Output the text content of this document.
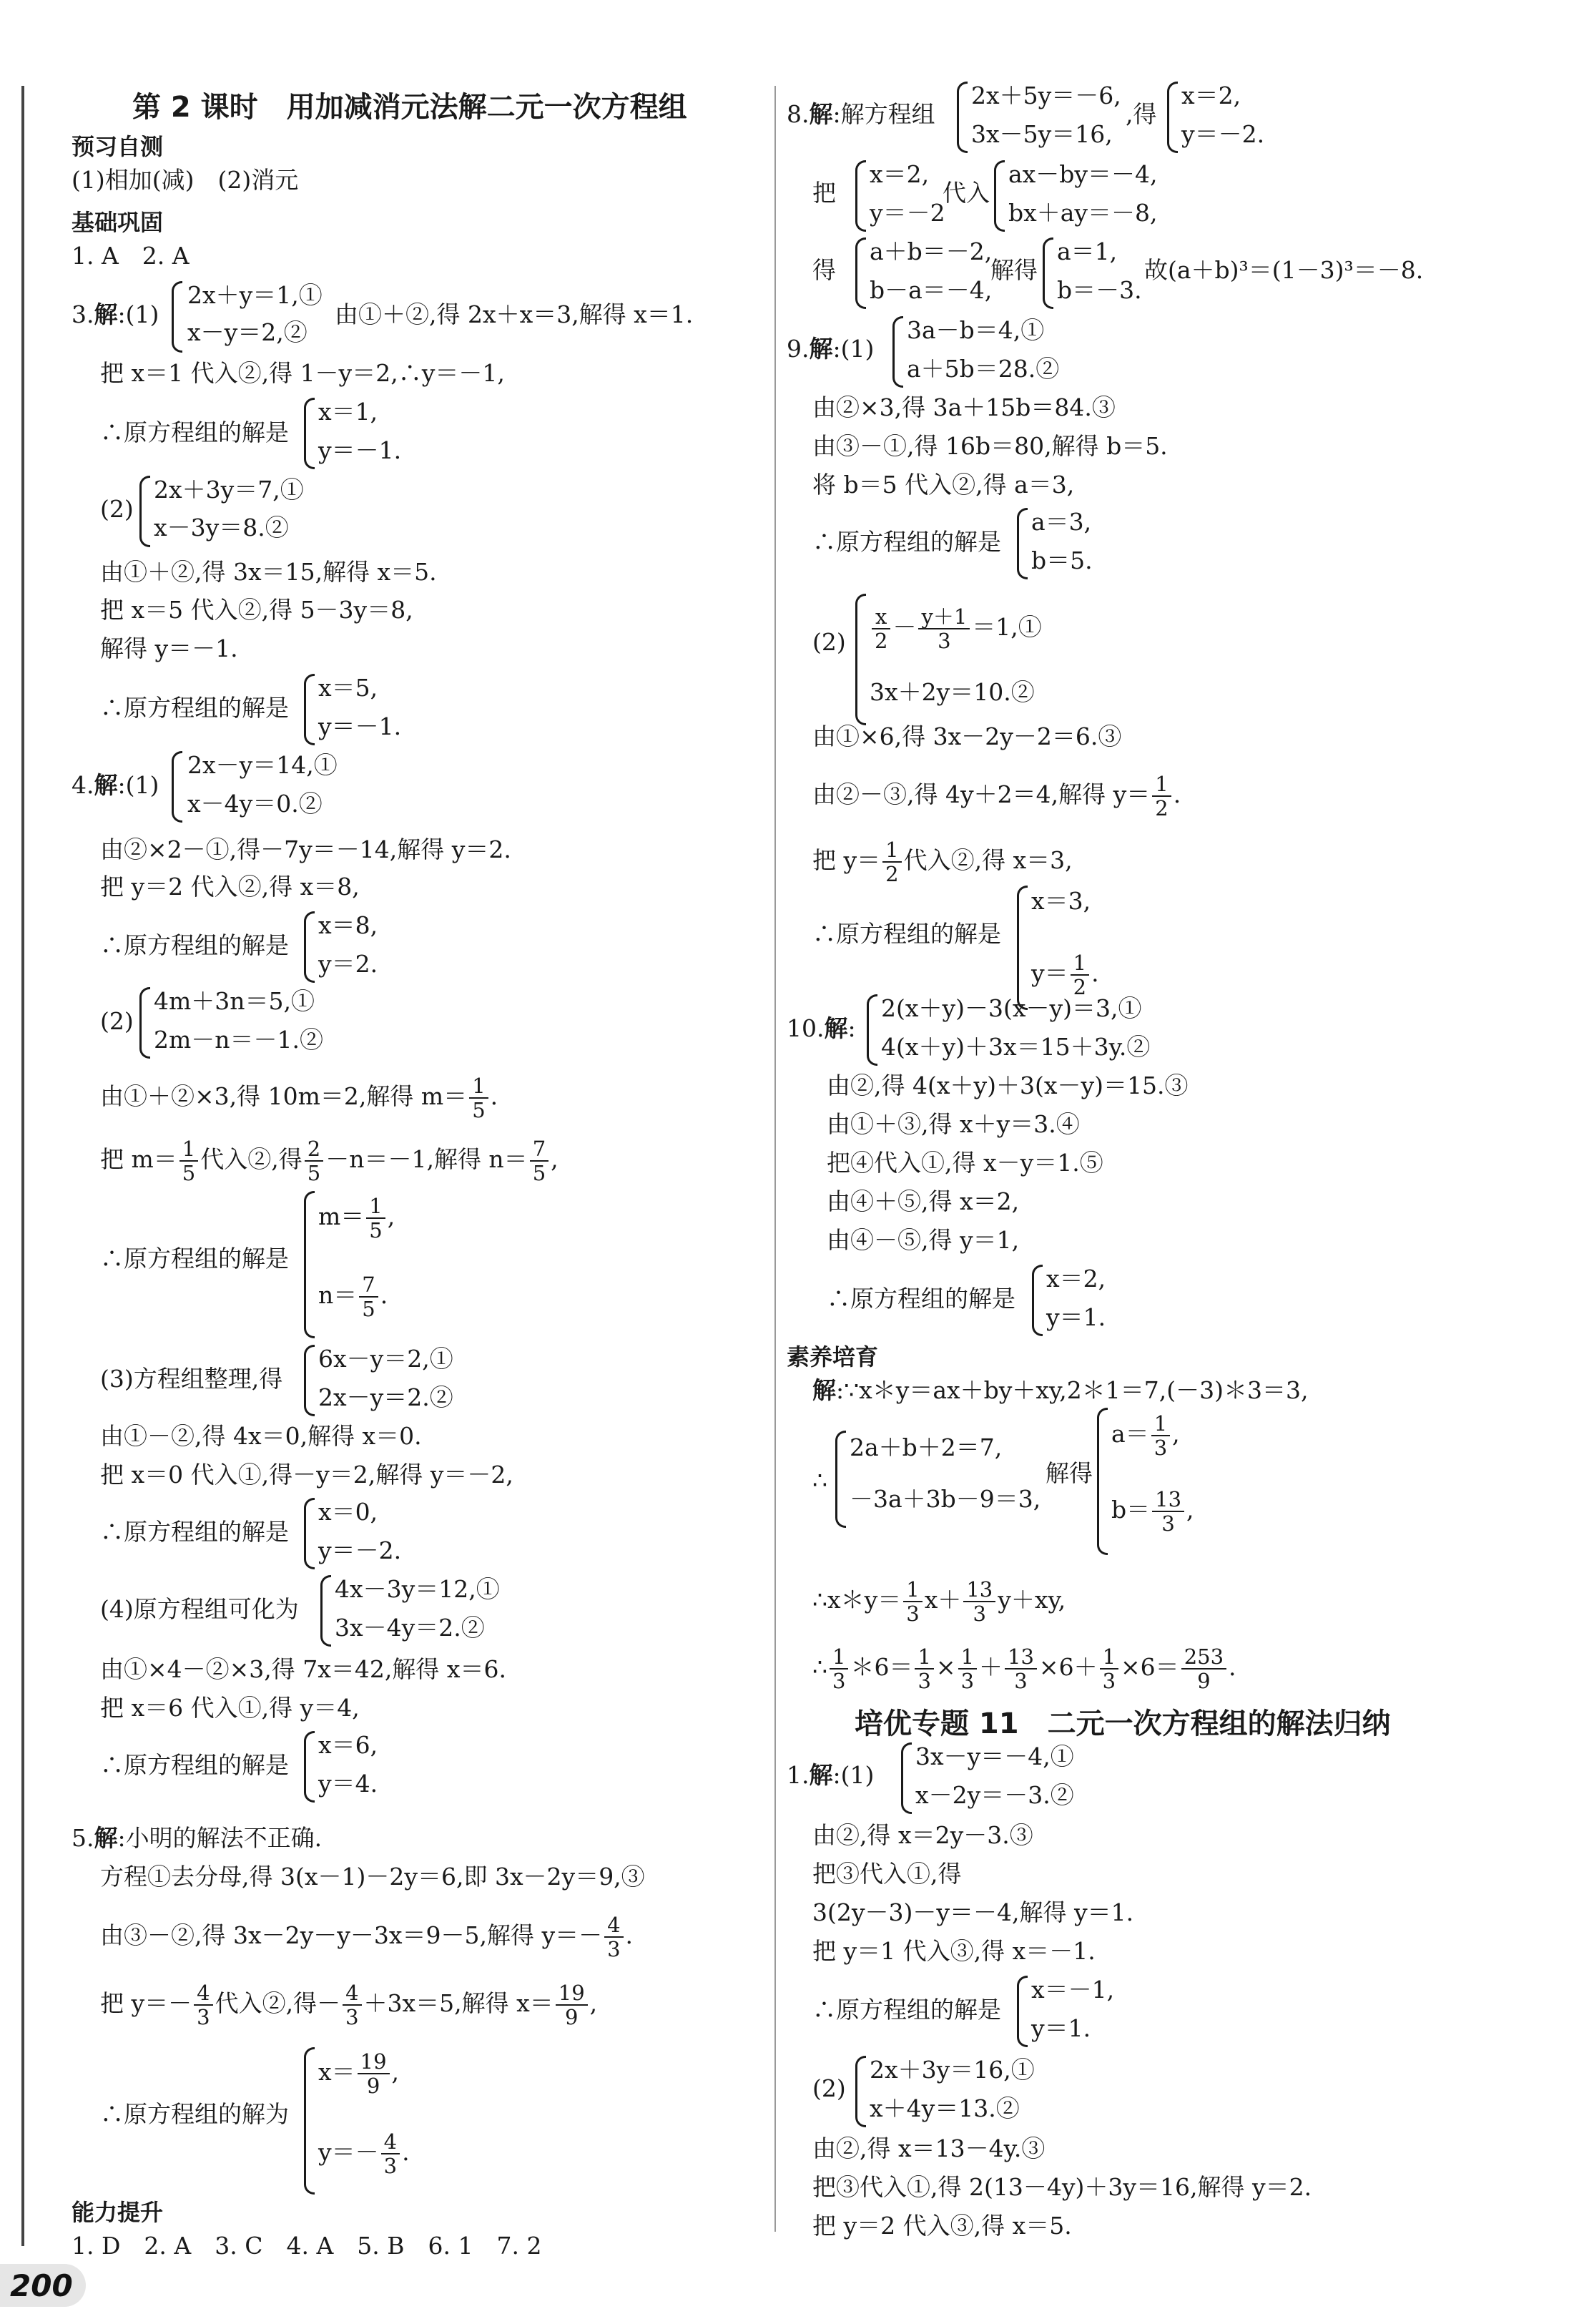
第 2 课时　用加减消元法解二元一次方程组
预习自测
(1)相加(减)　(2)消元
基础巩固
1. A　2. A
3.解:(1)
2x＋y＝1,①
x－y＝2,②
由①＋②,得 2x＋x＝3,解得 x＝1.
把 x＝1 代入②,得 1－y＝2,∴y＝－1,
∴原方程组的解是
x＝1,
y＝－1.
(2)
2x＋3y＝7,①
x－3y＝8.②
由①＋②,得 3x＝15,解得 x＝5.
把 x＝5 代入②,得 5－3y＝8,
解得 y＝－1.
∴原方程组的解是
x＝5,
y＝－1.
4.解:(1)
2x－y＝14,①
x－4y＝0.②
由②×2－①,得－7y＝－14,解得 y＝2.
把 y＝2 代入②,得 x＝8,
∴原方程组的解是
x＝8,
y＝2.
(2)
4m＋3n＝5,①
2m－n＝－1.②
由①＋②×3,得 10m＝2,解得 $m= \frac{1}{5}$ .
把 $m= \frac{1}{5}$ 代入②,得 $\frac{2}{5} -n=-1$,解得 $n= \frac{7}{5}$ ,
∴原方程组的解是
$m= \frac{1}{5}$ ,
$n= \frac{7}{5}$ .
(3)方程组整理,得
6x－y＝2,①
2x－y＝2.②
由①－②,得 4x＝0,解得 x＝0.
把 x＝0 代入①,得－y＝2,解得 y＝－2,
∴原方程组的解是
x＝0,
y＝－2.
(4)原方程组可化为
4x－3y＝12,①
3x－4y＝2.②
由①×4－②×3,得 7x＝42,解得 x＝6.
把 x＝6 代入①,得 y＝4,
∴原方程组的解是
x＝6,
y＝4.
5.解:小明的解法不正确.
方程①去分母,得 3(x－1)－2y＝6,即 3x－2y＝9,③
由③－②,得 3x－2y－y－3x＝9－5,解得 $y=- \frac{4}{3}$ .
把 $y=- \frac{4}{3}$ 代入②,得－ $\frac{4}{3} +3x=5$,解得 $x= \frac{19}{9}$ ,
∴原方程组的解为
$x= \frac{19}{9}$ ,
$y=- \frac{4}{3}$ .
能力提升
1. D　2. A　3. C　4. A　5. B　6. 1　7. 2
8.解:解方程组
2x＋5y＝－6,
3x－5y＝16,
,得
x＝2,
y＝－2.
把
x＝2,
y＝－2
代入
ax－by＝－4,
bx＋ay＝－8,
得
a＋b＝－2,
b－a＝－4,
解得
a＝1,
b＝－3.
故(a＋b)³＝(1－3)³＝－8.
9.解:(1)
3a－b＝4,①
a＋5b＝28.②
由②×3,得 3a＋15b＝84.③
由③－①,得 16b＝80,解得 b＝5.
将 b＝5 代入②,得 a＝3,
∴原方程组的解是
a＝3,
b＝5.
$(2) \frac{x}{2} - \frac{y+1}{3}$ ＝1,①
3x＋2y＝10.②
由①×6,得 3x－2y－2＝6.③
由②－③,得 4y＋2＝4,解得 $y= \frac{1}{2}$ .
把 $y= \frac{1}{2}$ 代入②,得 x＝3,
∴原方程组的解是
x＝3,
$y= \frac{1}{2}$ .
10.解:
2(x＋y)－3(x－y)＝3,①
4(x＋y)＋3x＝15＋3y.②
由②,得 4(x＋y)＋3(x－y)＝15.③
由①＋③,得 x＋y＝3.④
把④代入①,得 x－y＝1.⑤
由④＋⑤,得 x＝2,
由④－⑤,得 y＝1,
∴原方程组的解是
x＝2,
y＝1.
素养培育
解:∵x＊y＝ax＋by＋xy,2＊1＝7,(－3)＊3＝3,
∴
2a＋b＋2＝7,
－3a＋3b－9＝3,
解得
$a= \frac{1}{3}$ ,
$b= \frac{13}{3}$ ,
∴x＊y＝ $\frac{1}{3} x+ \frac{13}{3} y+xy$,
∴ $\frac{1}{3}$ ＊6＝ $\frac{1}{3} \times \frac{1}{3} + \frac{13}{3} \times 6+ \frac{1}{3} \times 6= \frac{253}{9}$ .
培优专题 11　二元一次方程组的解法归纳
1.解:(1)
3x－y＝－4,①
x－2y＝－3.②
由②,得 x＝2y－3.③
把③代入①,得
3(2y－3)－y＝－4,解得 y＝1.
把 y＝1 代入③,得 x＝－1.
∴原方程组的解是
x＝－1,
y＝1.
(2)
2x＋3y＝16,①
x＋4y＝13.②
由②,得 x＝13－4y.③
把③代入①,得 2(13－4y)＋3y＝16,解得 y＝2.
把 y＝2 代入③,得 x＝5.
200
